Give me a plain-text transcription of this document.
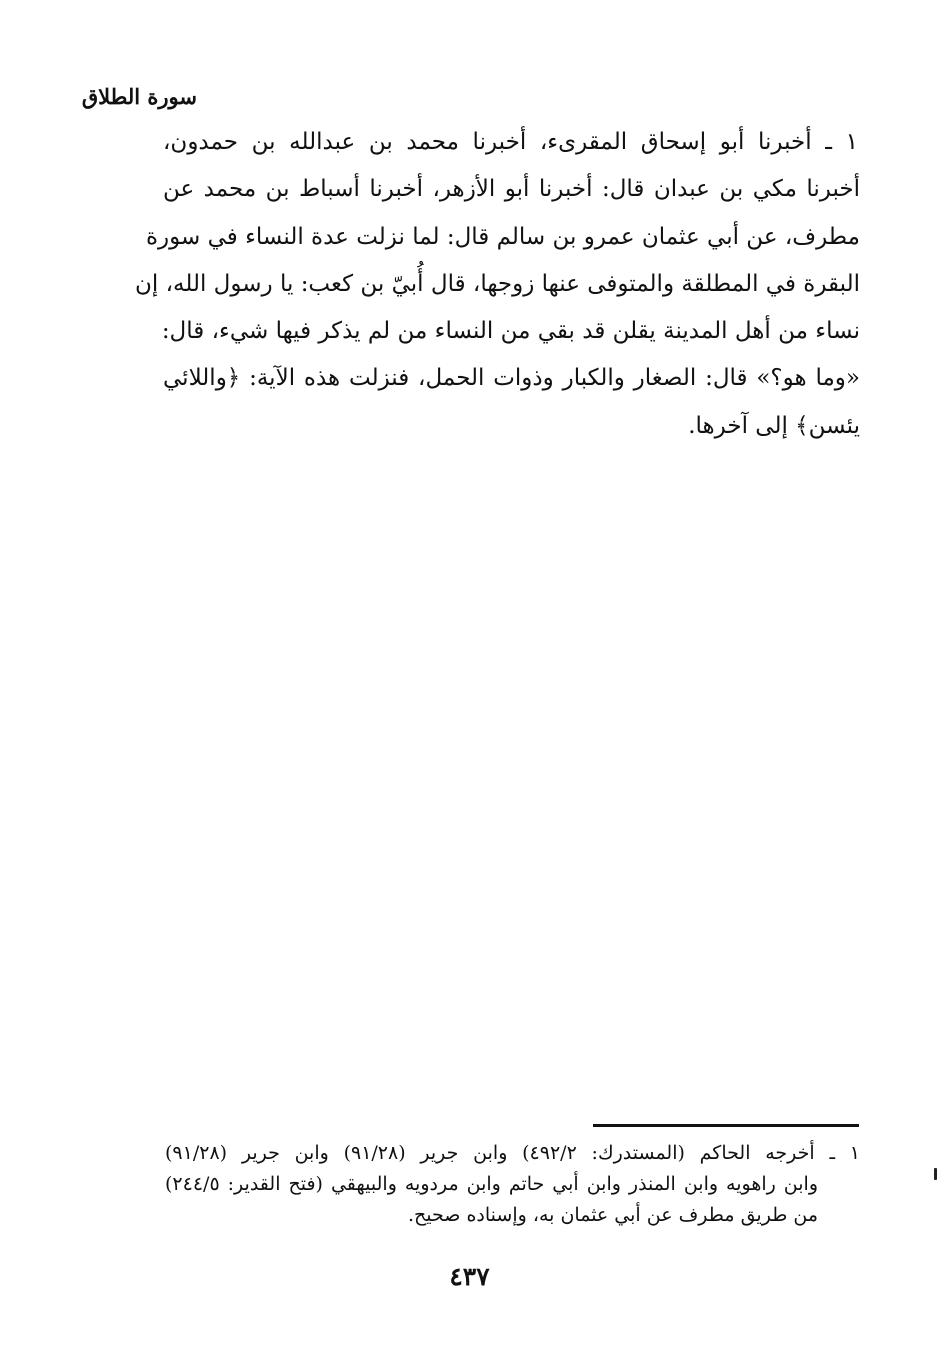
سورة الطلاق
١ ـ أخبرنا أبو إسحاق المقرىء، أخبرنا محمد بن عبدالله بن حمدون،
أخبرنا مكي بن عبدان قال: أخبرنا أبو الأزهر، أخبرنا أسباط بن محمد عن
مطرف، عن أبي عثمان عمرو بن سالم قال: لما نزلت عدة النساء في سورة
البقرة في المطلقة والمتوفى عنها زوجها، قال أُبيّ بن كعب: يا رسول الله، إن
نساء من أهل المدينة يقلن قد بقي من النساء من لم يذكر فيها شيء، قال:
«وما هو؟» قال: الصغار والكبار وذوات الحمل، فنزلت هذه الآية: ﴿واللائي
يئسن﴾ إلى آخرها.
١ ـ أخرجه الحاكم (المستدرك: ٤٩٢/٢) وابن جرير (٩١/٢٨) وابن جرير (٩١/٢٨)
وابن راهويه وابن المنذر وابن أبي حاتم وابن مردويه والبيهقي (فتح القدير: ٢٤٤/٥)
من طريق مطرف عن أبي عثمان به، وإسناده صحيح.
٤٣٧
